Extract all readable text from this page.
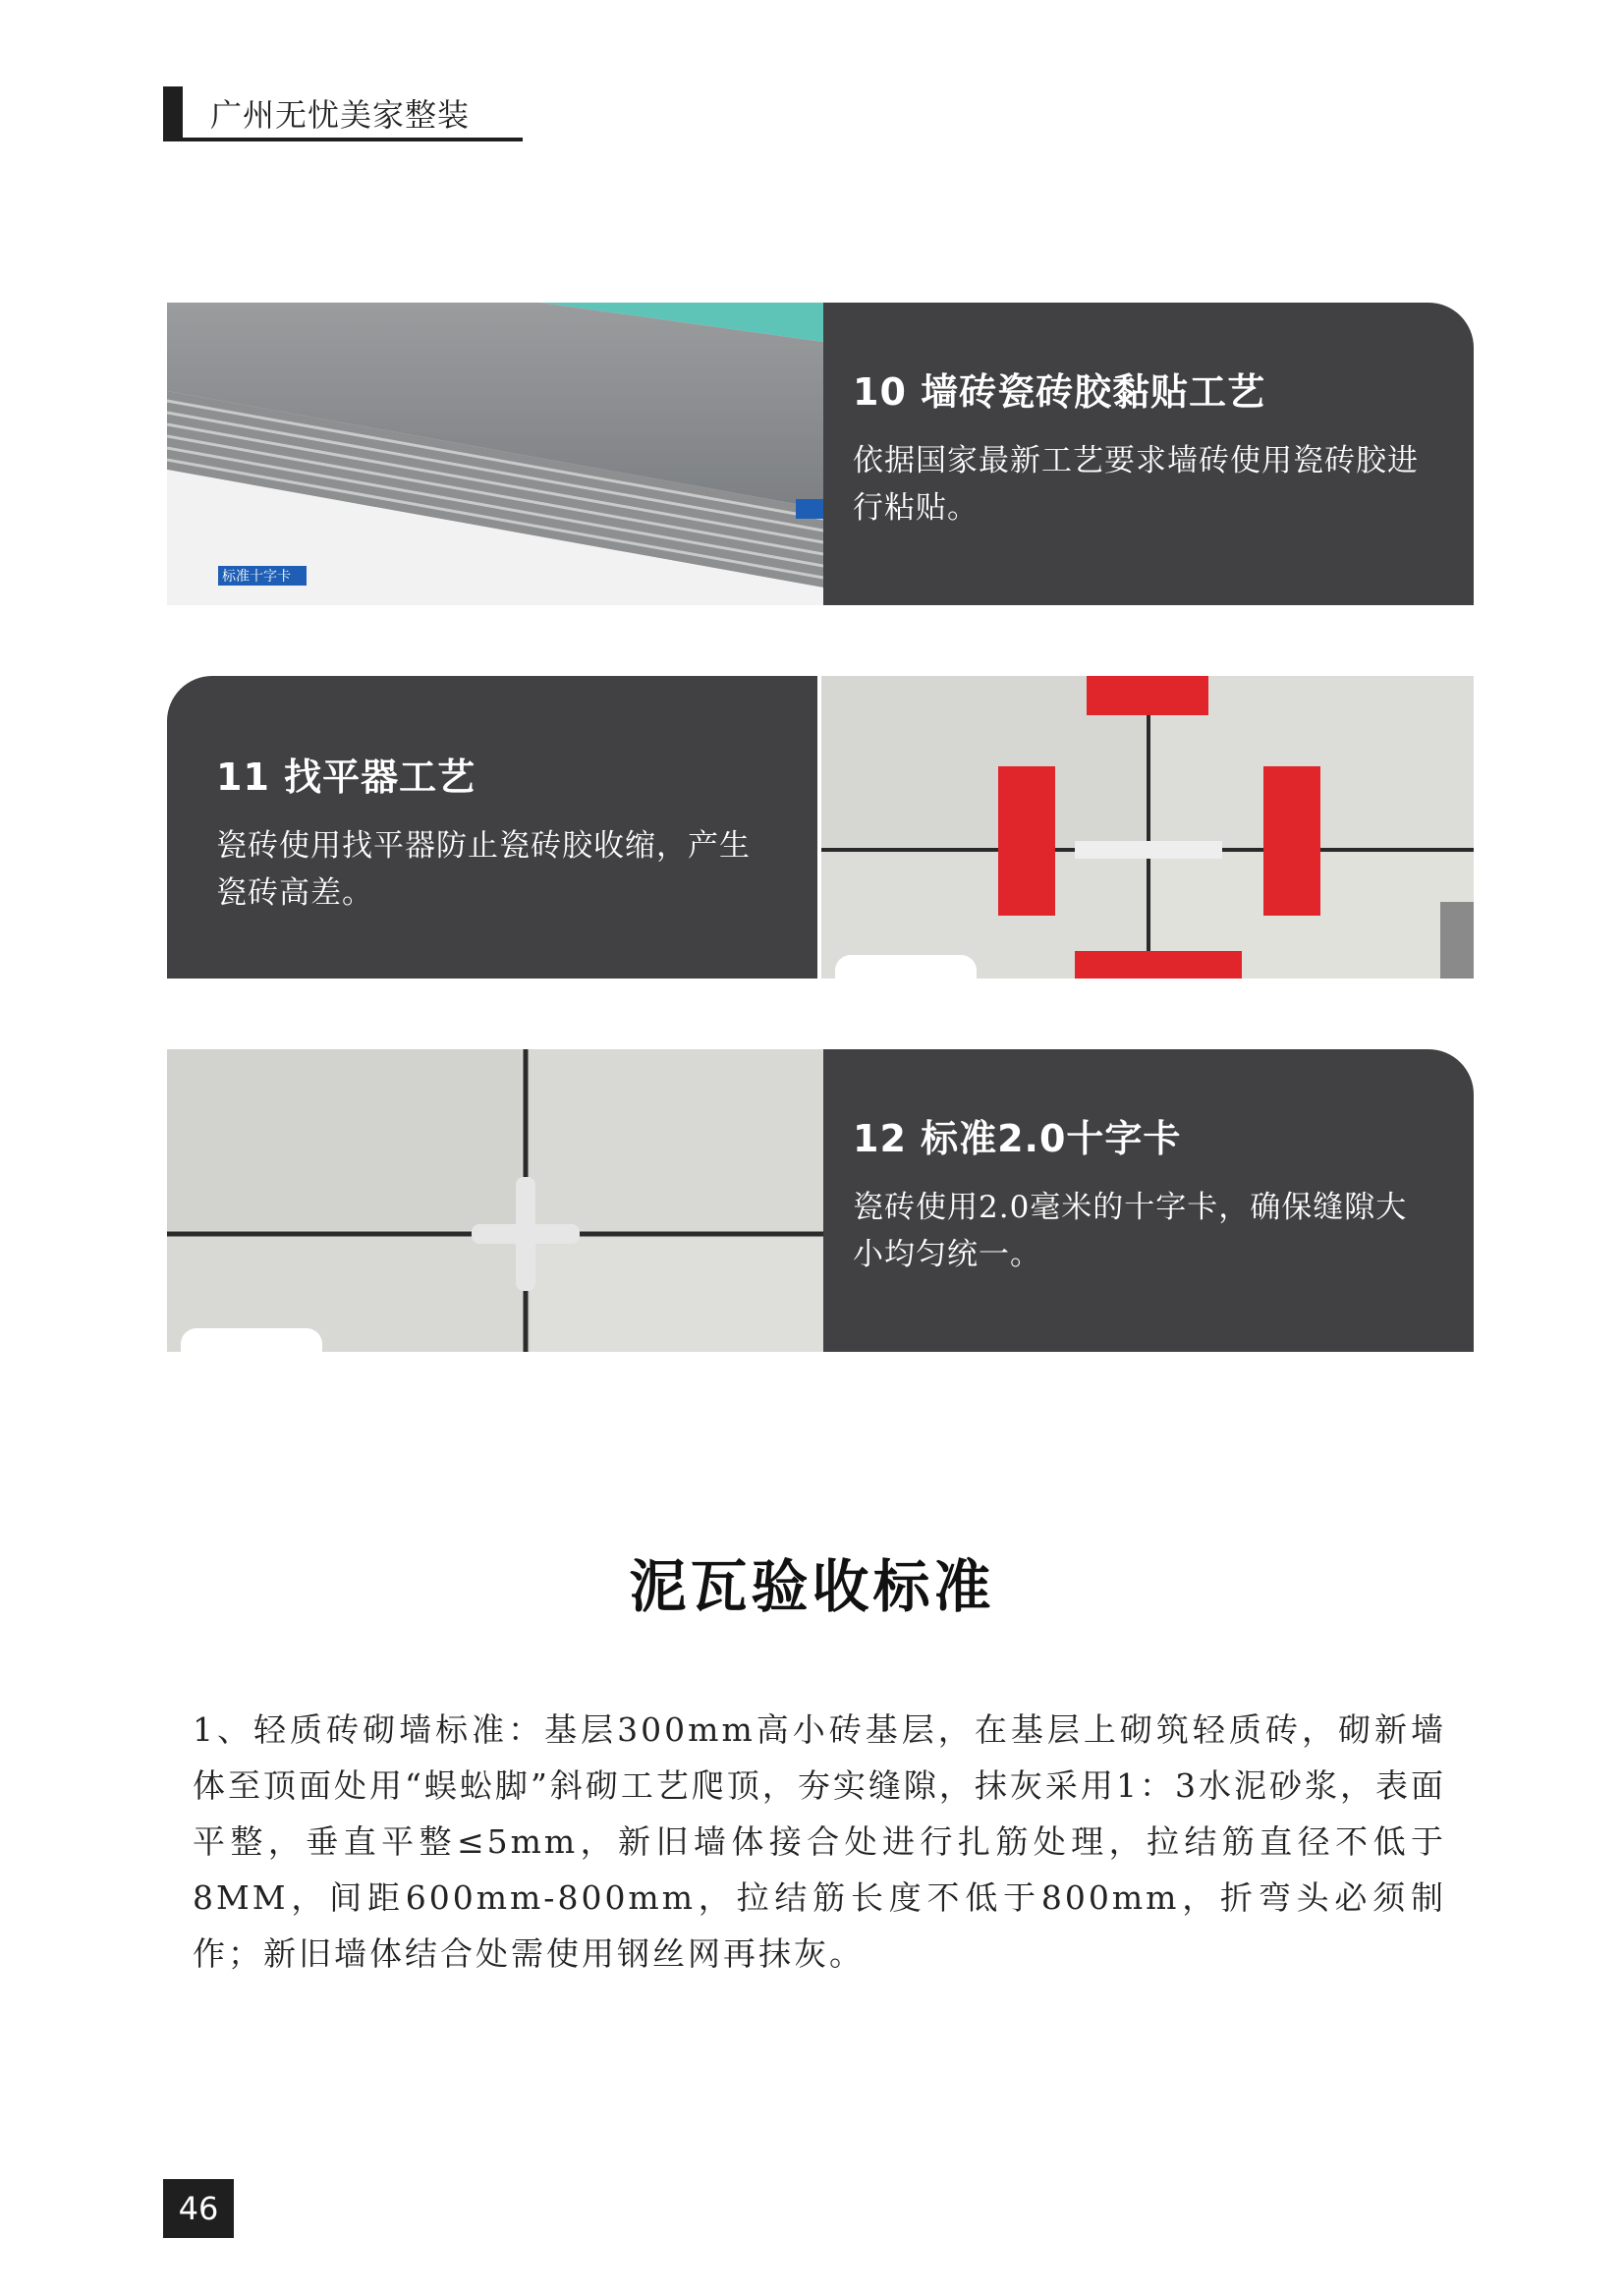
广州无忧美家整装
标准十字卡
10 墙砖瓷砖胶黏贴工艺

依据国家最新工艺要求墙砖使用瓷砖胶进行粘贴。

11 找平器工艺

瓷砖使用找平器防止瓷砖胶收缩，产生瓷砖高差。

12 标准2.0十字卡

瓷砖使用2.0毫米的十字卡，确保缝隙大小均匀统一。

泥瓦验收标准
1、轻质砖砌墙标准：基层300mm高小砖基层，在基层上砌筑轻质砖，砌新墙体至顶面处用“蜈蚣脚”斜砌工艺爬顶，夯实缝隙，抹灰采用1：3水泥砂浆，表面平整，垂直平整≤5mm，新旧墙体接合处进行扎筋处理，拉结筋直径不低于8MM，间距600mm-800mm，拉结筋长度不低于800mm，折弯头必须制作；新旧墙体结合处需使用钢丝网再抹灰。
46
